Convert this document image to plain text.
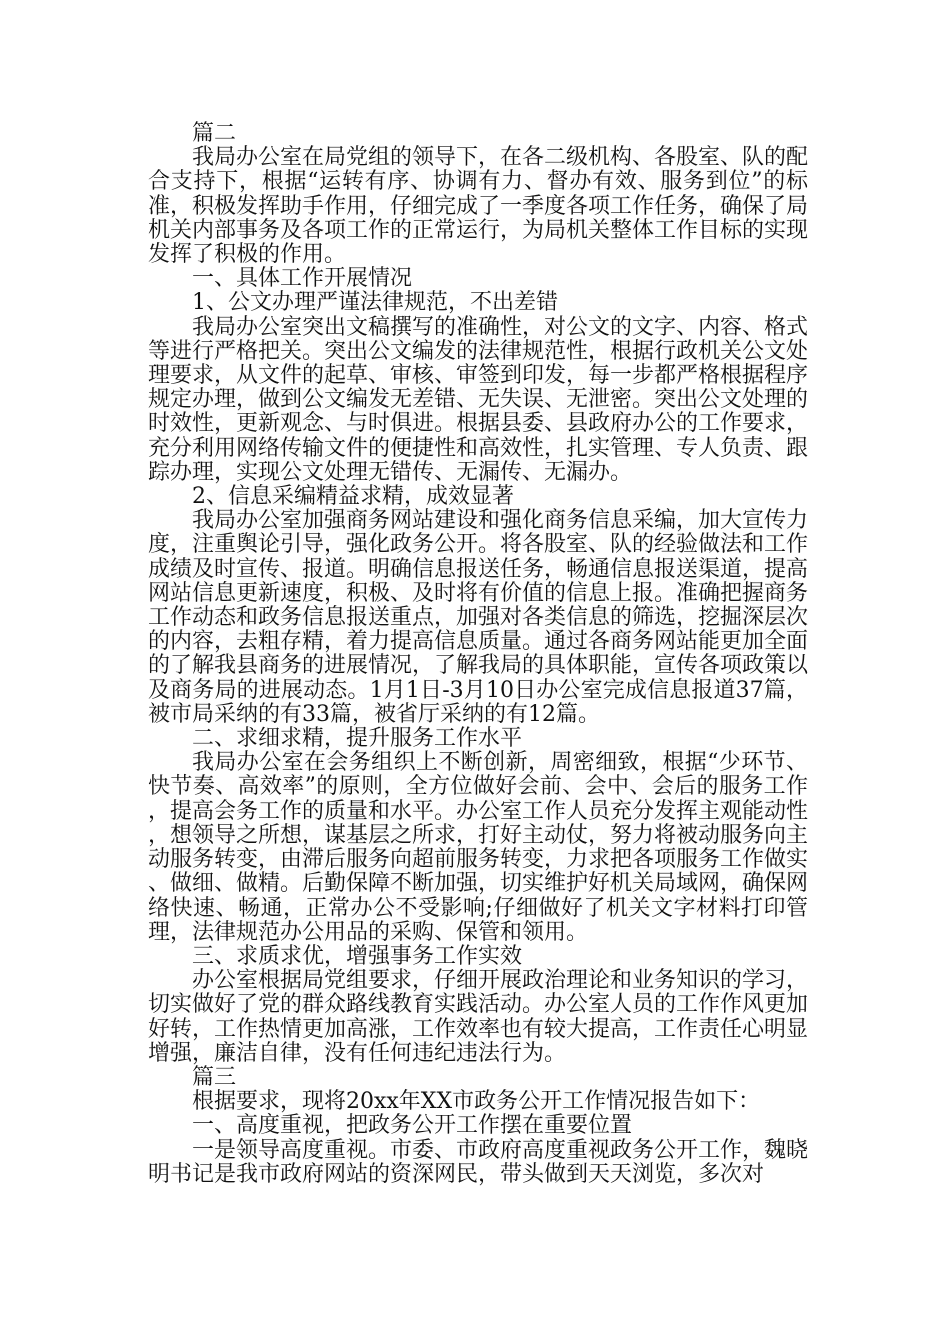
篇二

我局办公室在局党组的领导下，在各二级机构、各股室、队的配合支持下，根据“运转有序、协调有力、督办有效、服务到位”的标准，积极发挥助手作用，仔细完成了一季度各项工作任务，确保了局机关内部事务及各项工作的正常运行，为局机关整体工作目标的实现发挥了积极的作用。

一、具体工作开展情况

1、公文办理严谨法律规范，不出差错

我局办公室突出文稿撰写的准确性，对公文的文字、内容、格式等进行严格把关。突出公文编发的法律规范性，根据行政机关公文处理要求，从文件的起草、审核、审签到印发，每一步都严格根据程序规定办理，做到公文编发无差错、无失误、无泄密。突出公文处理的时效性，更新观念、与时俱进。根据县委、县政府办公的工作要求，充分利用网络传输文件的便捷性和高效性，扎实管理、专人负责、跟踪办理，实现公文处理无错传、无漏传、无漏办。

2、信息采编精益求精，成效显著

我局办公室加强商务网站建设和强化商务信息采编，加大宣传力度，注重舆论引导，强化政务公开。将各股室、队的经验做法和工作成绩及时宣传、报道。明确信息报送任务，畅通信息报送渠道，提高网站信息更新速度，积极、及时将有价值的信息上报。准确把握商务工作动态和政务信息报送重点，加强对各类信息的筛选，挖掘深层次的内容，去粗存精，着力提高信息质量。通过各商务网站能更加全面的了解我县商务的进展情况，了解我局的具体职能，宣传各项政策以及商务局的进展动态。1月1日-3月10日办公室完成信息报道37篇，被市局采纳的有33篇，被省厅采纳的有12篇。

二、求细求精，提升服务工作水平

我局办公室在会务组织上不断创新，周密细致，根据“少环节、快节奏、高效率”的原则，全方位做好会前、会中、会后的服务工作，提高会务工作的质量和水平。办公室工作人员充分发挥主观能动性，想领导之所想，谋基层之所求，打好主动仗，努力将被动服务向主动服务转变，由滞后服务向超前服务转变，力求把各项服务工作做实、做细、做精。后勤保障不断加强，切实维护好机关局域网，确保网络快速、畅通，正常办公不受影响;仔细做好了机关文字材料打印管理，法律规范办公用品的采购、保管和领用。

三、求质求优，增强事务工作实效

办公室根据局党组要求，仔细开展政治理论和业务知识的学习，切实做好了党的群众路线教育实践活动。办公室人员的工作作风更加好转，工作热情更加高涨，工作效率也有较大提高，工作责任心明显增强，廉洁自律，没有任何违纪违法行为。

篇三

根据要求，现将20xx年XX市政务公开工作情况报告如下：

一、高度重视，把政务公开工作摆在重要位置

一是领导高度重视。市委、市政府高度重视政务公开工作，魏晓明书记是我市政府网站的资深网民，带头做到天天浏览，多次对
